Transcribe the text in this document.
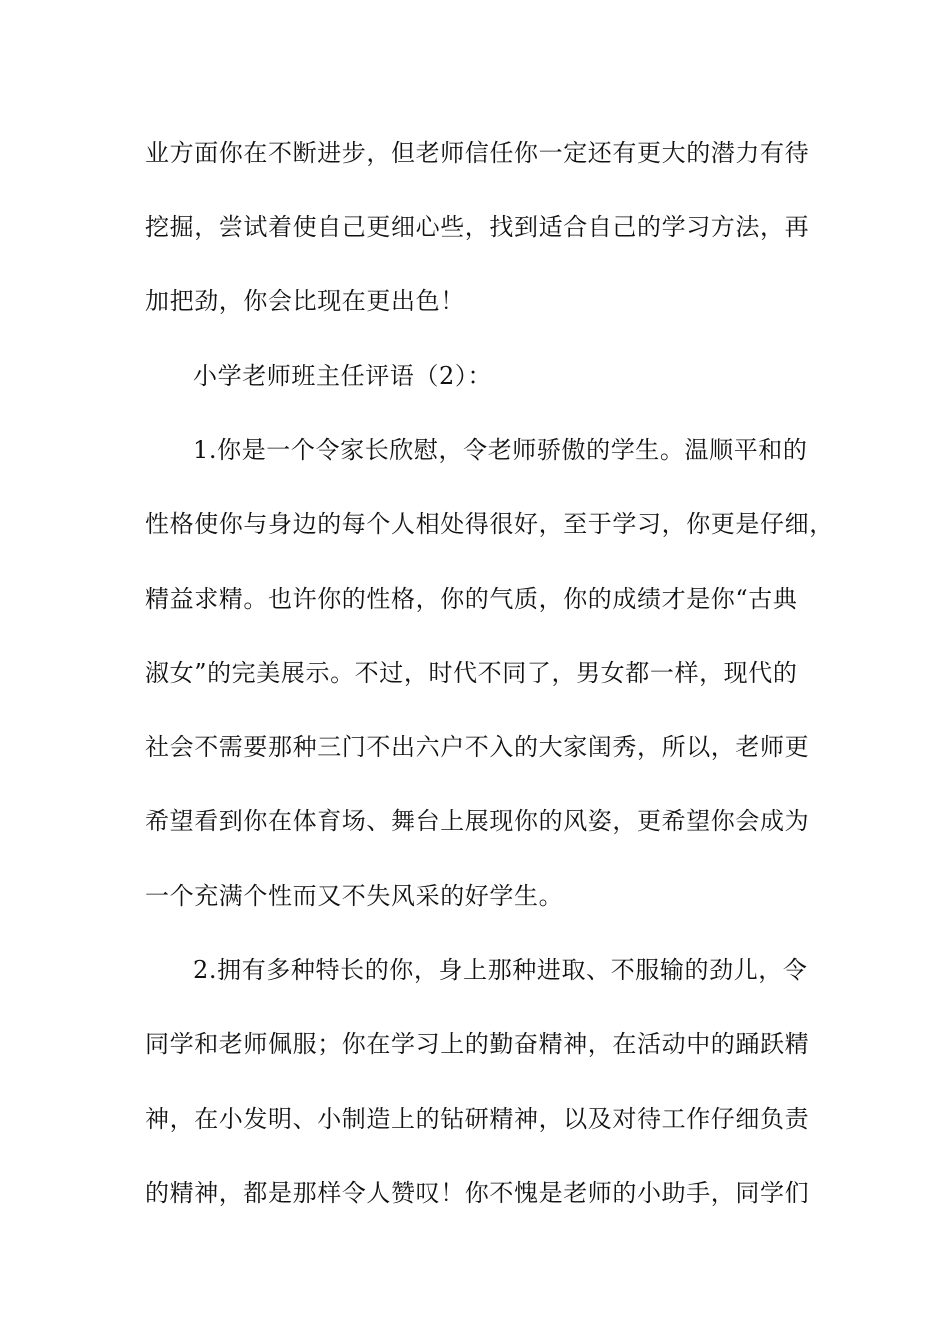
业方面你在不断进步，但老师信任你一定还有更大的潜力有待
挖掘，尝试着使自己更细心些，找到适合自己的学习方法，再
加把劲，你会比现在更出色！
小学老师班主任评语（2）：
1.你是一个令家长欣慰，令老师骄傲的学生。温顺平和的
性格使你与身边的每个人相处得很好，至于学习，你更是仔细，
精益求精。也许你的性格，你的气质，你的成绩才是你“古典
淑女”的完美展示。不过，时代不同了，男女都一样，现代的
社会不需要那种三门不出六户不入的大家闺秀，所以，老师更
希望看到你在体育场、舞台上展现你的风姿，更希望你会成为
一个充满个性而又不失风采的好学生。
2.拥有多种特长的你，身上那种进取、不服输的劲儿，令
同学和老师佩服；你在学习上的勤奋精神，在活动中的踊跃精
神，在小发明、小制造上的钻研精神，以及对待工作仔细负责
的精神，都是那样令人赞叹！你不愧是老师的小助手，同学们
